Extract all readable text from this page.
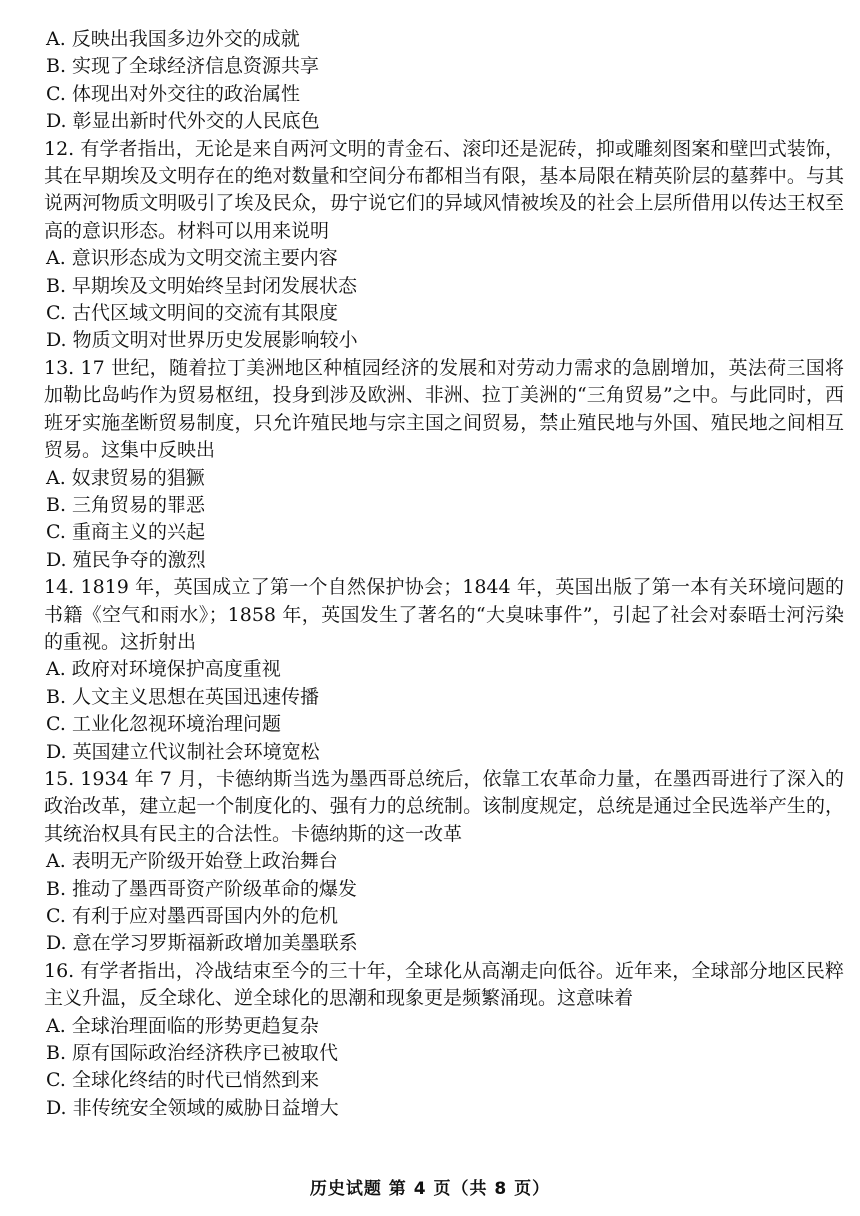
A. 反映出我国多边外交的成就

B. 实现了全球经济信息资源共享

C. 体现出对外交往的政治属性

D. 彰显出新时代外交的人民底色

12. 有学者指出，无论是来自两河文明的青金石、滚印还是泥砖，抑或雕刻图案和壁凹式装饰，其在早期埃及文明存在的绝对数量和空间分布都相当有限，基本局限在精英阶层的墓葬中。与其说两河物质文明吸引了埃及民众，毋宁说它们的异域风情被埃及的社会上层所借用以传达王权至高的意识形态。材料可以用来说明

A. 意识形态成为文明交流主要内容

B. 早期埃及文明始终呈封闭发展状态

C. 古代区域文明间的交流有其限度

D. 物质文明对世界历史发展影响较小

13. 17 世纪，随着拉丁美洲地区种植园经济的发展和对劳动力需求的急剧增加，英法荷三国将加勒比岛屿作为贸易枢纽，投身到涉及欧洲、非洲、拉丁美洲的“三角贸易”之中。与此同时，西班牙实施垄断贸易制度，只允许殖民地与宗主国之间贸易，禁止殖民地与外国、殖民地之间相互贸易。这集中反映出

A. 奴隶贸易的猖獗

B. 三角贸易的罪恶

C. 重商主义的兴起

D. 殖民争夺的激烈

14. 1819 年，英国成立了第一个自然保护协会；1844 年，英国出版了第一本有关环境问题的书籍《空气和雨水》；1858 年，英国发生了著名的“大臭味事件”，引起了社会对泰晤士河污染的重视。这折射出

A. 政府对环境保护高度重视

B. 人文主义思想在英国迅速传播

C. 工业化忽视环境治理问题

D. 英国建立代议制社会环境宽松

15. 1934 年 7 月，卡德纳斯当选为墨西哥总统后，依靠工农革命力量，在墨西哥进行了深入的政治改革，建立起一个制度化的、强有力的总统制。该制度规定，总统是通过全民选举产生的，其统治权具有民主的合法性。卡德纳斯的这一改革

A. 表明无产阶级开始登上政治舞台

B. 推动了墨西哥资产阶级革命的爆发

C. 有利于应对墨西哥国内外的危机

D. 意在学习罗斯福新政增加美墨联系

16. 有学者指出，冷战结束至今的三十年，全球化从高潮走向低谷。近年来，全球部分地区民粹主义升温，反全球化、逆全球化的思潮和现象更是频繁涌现。这意味着

A. 全球治理面临的形势更趋复杂

B. 原有国际政治经济秩序已被取代

C. 全球化终结的时代已悄然到来

D. 非传统安全领域的威胁日益增大

历史试题 第 4 页（共 8 页）
